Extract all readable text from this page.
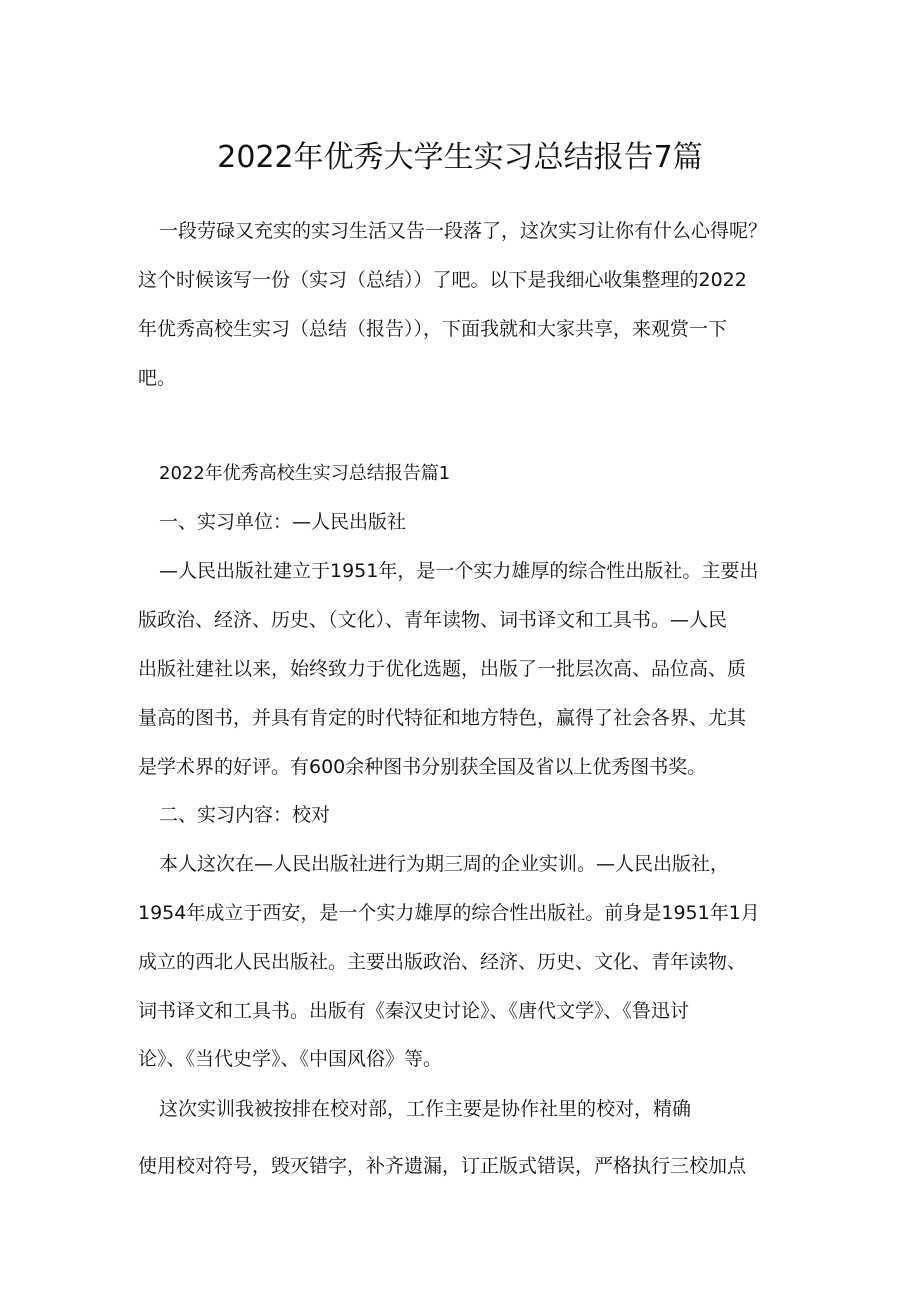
2022年优秀大学生实习总结报告7篇
一段劳碌又充实的实习生活又告一段落了，这次实习让你有什么心得呢？
这个时候该写一份（实习（总结））了吧。以下是我细心收集整理的2022
年优秀高校生实习（总结（报告）），下面我就和大家共享，来观赏一下
吧。
2022年优秀高校生实习总结报告篇1
一、实习单位：—人民出版社
—人民出版社建立于1951年，是一个实力雄厚的综合性出版社。主要出
版政治、经济、历史、（文化）、青年读物、词书译文和工具书。—人民
出版社建社以来，始终致力于优化选题，出版了一批层次高、品位高、质
量高的图书，并具有肯定的时代特征和地方特色，赢得了社会各界、尤其
是学术界的好评。有600余种图书分别获全国及省以上优秀图书奖。
二、实习内容：校对
本人这次在—人民出版社进行为期三周的企业实训。—人民出版社，
1954年成立于西安，是一个实力雄厚的综合性出版社。前身是1951年1月
成立的西北人民出版社。主要出版政治、经济、历史、文化、青年读物、
词书译文和工具书。出版有《秦汉史讨论》、《唐代文学》、《鲁迅讨
论》、《当代史学》、《中国风俗》等。
这次实训我被按排在校对部，工作主要是协作社里的校对，精确
使用校对符号，毁灭错字，补齐遗漏，订正版式错误，严格执行三校加点
